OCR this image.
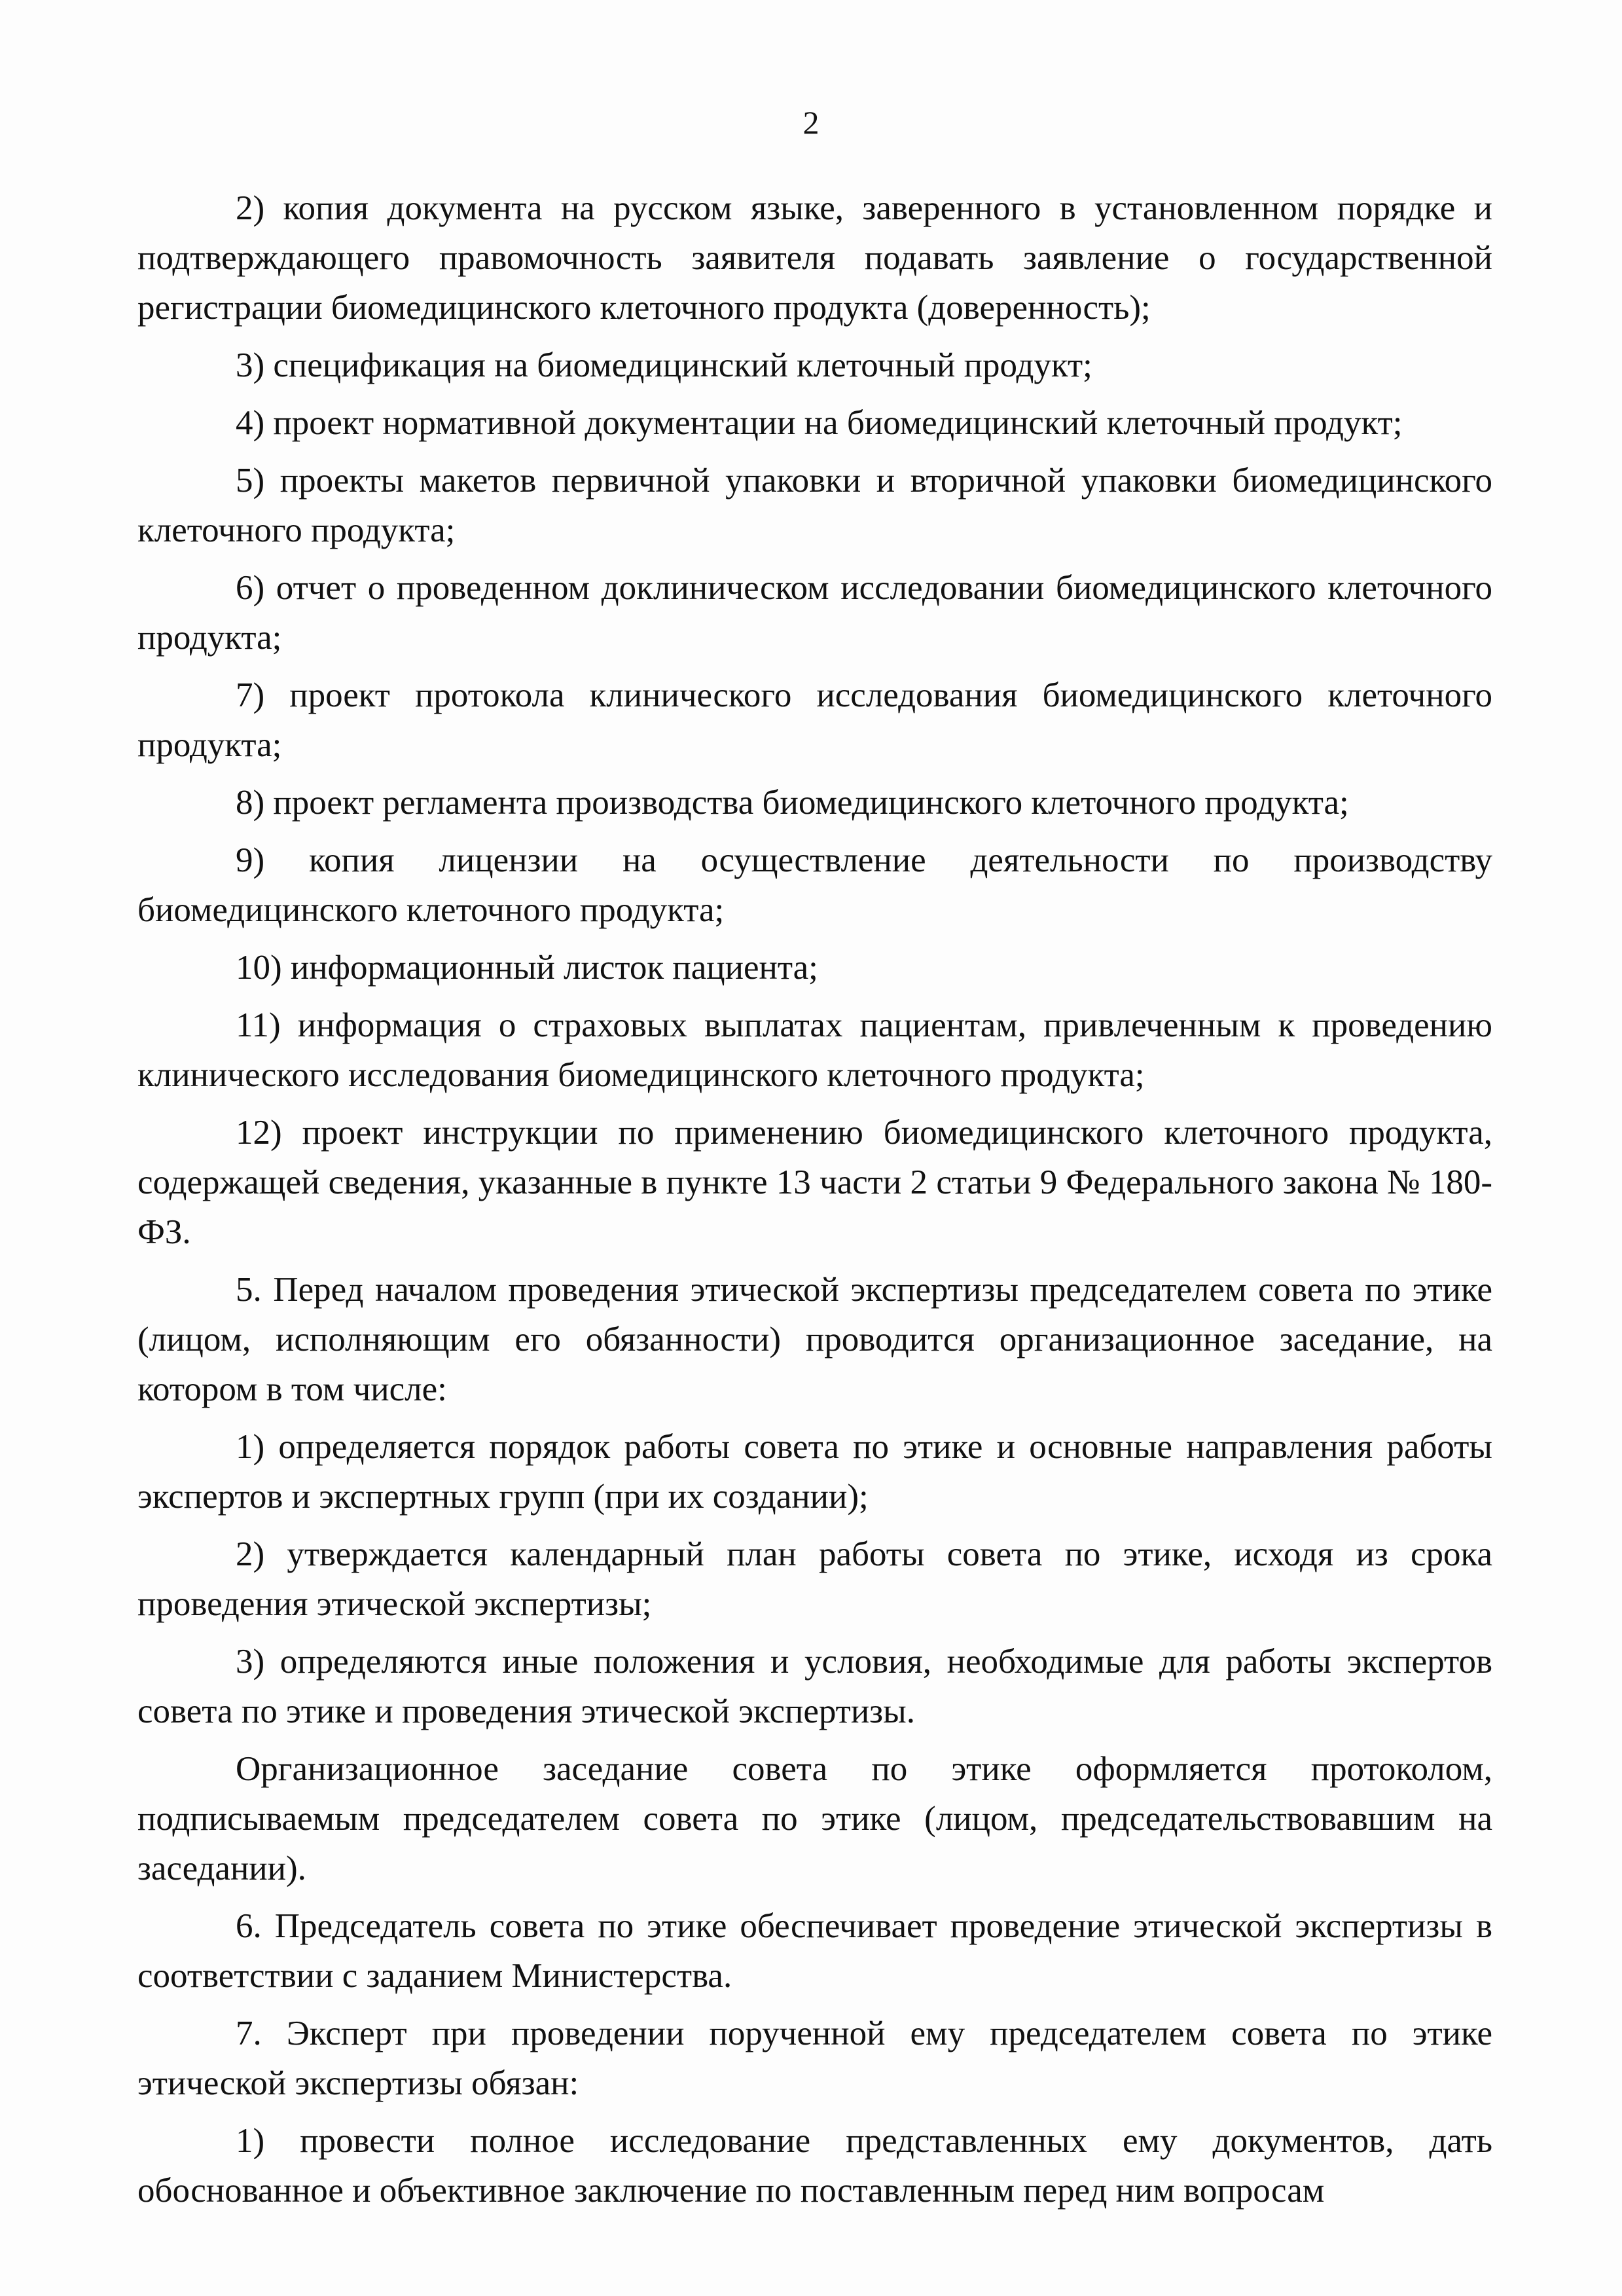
2

2) копия документа на русском языке, заверенного в установленном порядке и подтверждающего правомочность заявителя подавать заявление о государственной регистрации биомедицинского клеточного продукта (доверенность);

3) спецификация на биомедицинский клеточный продукт;

4) проект нормативной документации на биомедицинский клеточный продукт;

5) проекты макетов первичной упаковки и вторичной упаковки биомедицинского клеточного продукта;

6) отчет о проведенном доклиническом исследовании биомедицинского клеточного продукта;

7) проект протокола клинического исследования биомедицинского клеточного продукта;

8) проект регламента производства биомедицинского клеточного продукта;

9) копия лицензии на осуществление деятельности по производству биомедицинского клеточного продукта;

10) информационный листок пациента;

11) информация о страховых выплатах пациентам, привлеченным к проведению клинического исследования биомедицинского клеточного продукта;

12) проект инструкции по применению биомедицинского клеточного продукта, содержащей сведения, указанные в пункте 13 части 2 статьи 9 Федерального закона № 180-ФЗ.

5. Перед началом проведения этической экспертизы председателем совета по этике (лицом, исполняющим его обязанности) проводится организационное заседание, на котором в том числе:

1) определяется порядок работы совета по этике и основные направления работы экспертов и экспертных групп (при их создании);

2) утверждается календарный план работы совета по этике, исходя из срока проведения этической экспертизы;

3) определяются иные положения и условия, необходимые для работы экспертов совета по этике и проведения этической экспертизы.

Организационное заседание совета по этике оформляется протоколом, подписываемым председателем совета по этике (лицом, председательствовавшим на заседании).

6. Председатель совета по этике обеспечивает проведение этической экспертизы в соответствии с заданием Министерства.

7. Эксперт при проведении порученной ему председателем совета по этике этической экспертизы обязан:

1) провести полное исследование представленных ему документов, дать обоснованное и объективное заключение по поставленным перед ним вопросам
